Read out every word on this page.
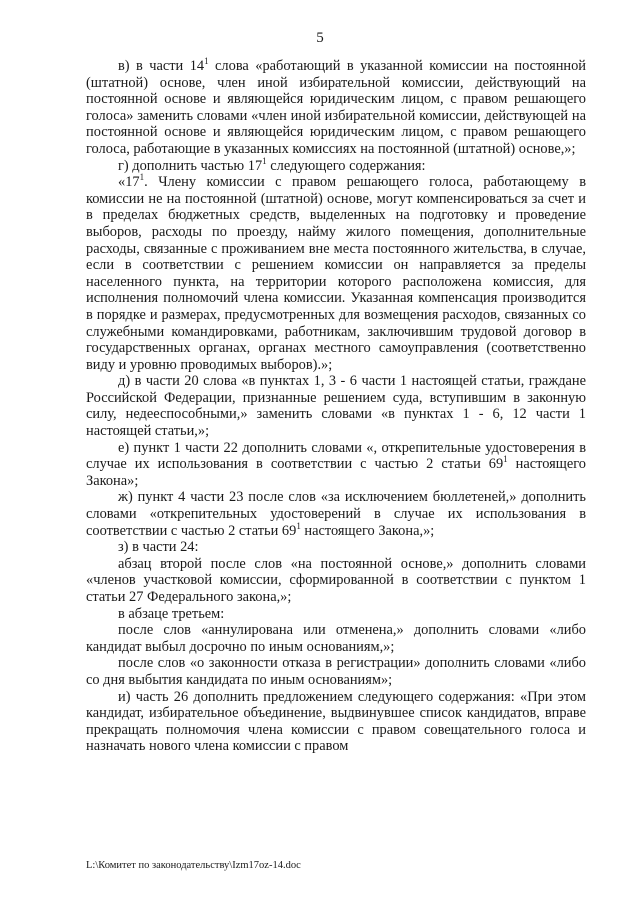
5

в) в части $14^1$ слова «работающий в указанной комиссии на постоянной (штатной) основе, член иной избирательной комиссии, действующий на постоянной основе и являющейся юридическим лицом, с правом решающего голоса» заменить словами «член иной избирательной комиссии, действующей на постоянной основе и являющейся юридическим лицом, с правом решающего голоса, работающие в указанных комиссиях на постоянной (штатной) основе,»;

г) дополнить частью $17^1$ следующего содержания:

«$17^1$. Члену комиссии с правом решающего голоса, работающему в комиссии не на постоянной (штатной) основе, могут компенсироваться за счет и в пределах бюджетных средств, выделенных на подготовку и проведение выборов, расходы по проезду, найму жилого помещения, дополнительные расходы, связанные с проживанием вне места постоянного жительства, в случае, если в соответствии с решением комиссии он направляется за пределы населенного пункта, на территории которого расположена комиссия, для исполнения полномочий члена комиссии. Указанная компенсация производится в порядке и размерах, предусмотренных для возмещения расходов, связанных со служебными командировками, работникам, заключившим трудовой договор в государственных органах, органах местного самоуправления (соответственно виду и уровню проводимых выборов).»;

д) в части 20 слова «в пунктах 1, 3 - 6 части 1 настоящей статьи, граждане Российской Федерации, признанные решением суда, вступившим в законную силу, недееспособными,» заменить словами «в пунктах 1 - 6, 12 части 1 настоящей статьи,»;

е) пункт 1 части 22 дополнить словами «, открепительные удостоверения в случае их использования в соответствии с частью 2 статьи $69^1$ настоящего Закона»;

ж) пункт 4 части 23 после слов «за исключением бюллетеней,» дополнить словами «открепительных удостоверений в случае их использования в соответствии с частью 2 статьи $69^1$ настоящего Закона,»;

з) в части 24:

абзац второй после слов «на постоянной основе,» дополнить словами «членов участковой комиссии, сформированной в соответствии с пунктом 1 статьи 27 Федерального закона,»;

в абзаце третьем:

после слов «аннулирована или отменена,» дополнить словами «либо кандидат выбыл досрочно по иным основаниям,»;

после слов «о законности отказа в регистрации» дополнить словами «либо со дня выбытия кандидата по иным основаниям»;

и) часть 26 дополнить предложением следующего содержания: «При этом кандидат, избирательное объединение, выдвинувшее список кандидатов, вправе прекращать полномочия члена комиссии с правом совещательного голоса и назначать нового члена комиссии с правом

L:\Комитет по законодательству\Izm17oz-14.doc
